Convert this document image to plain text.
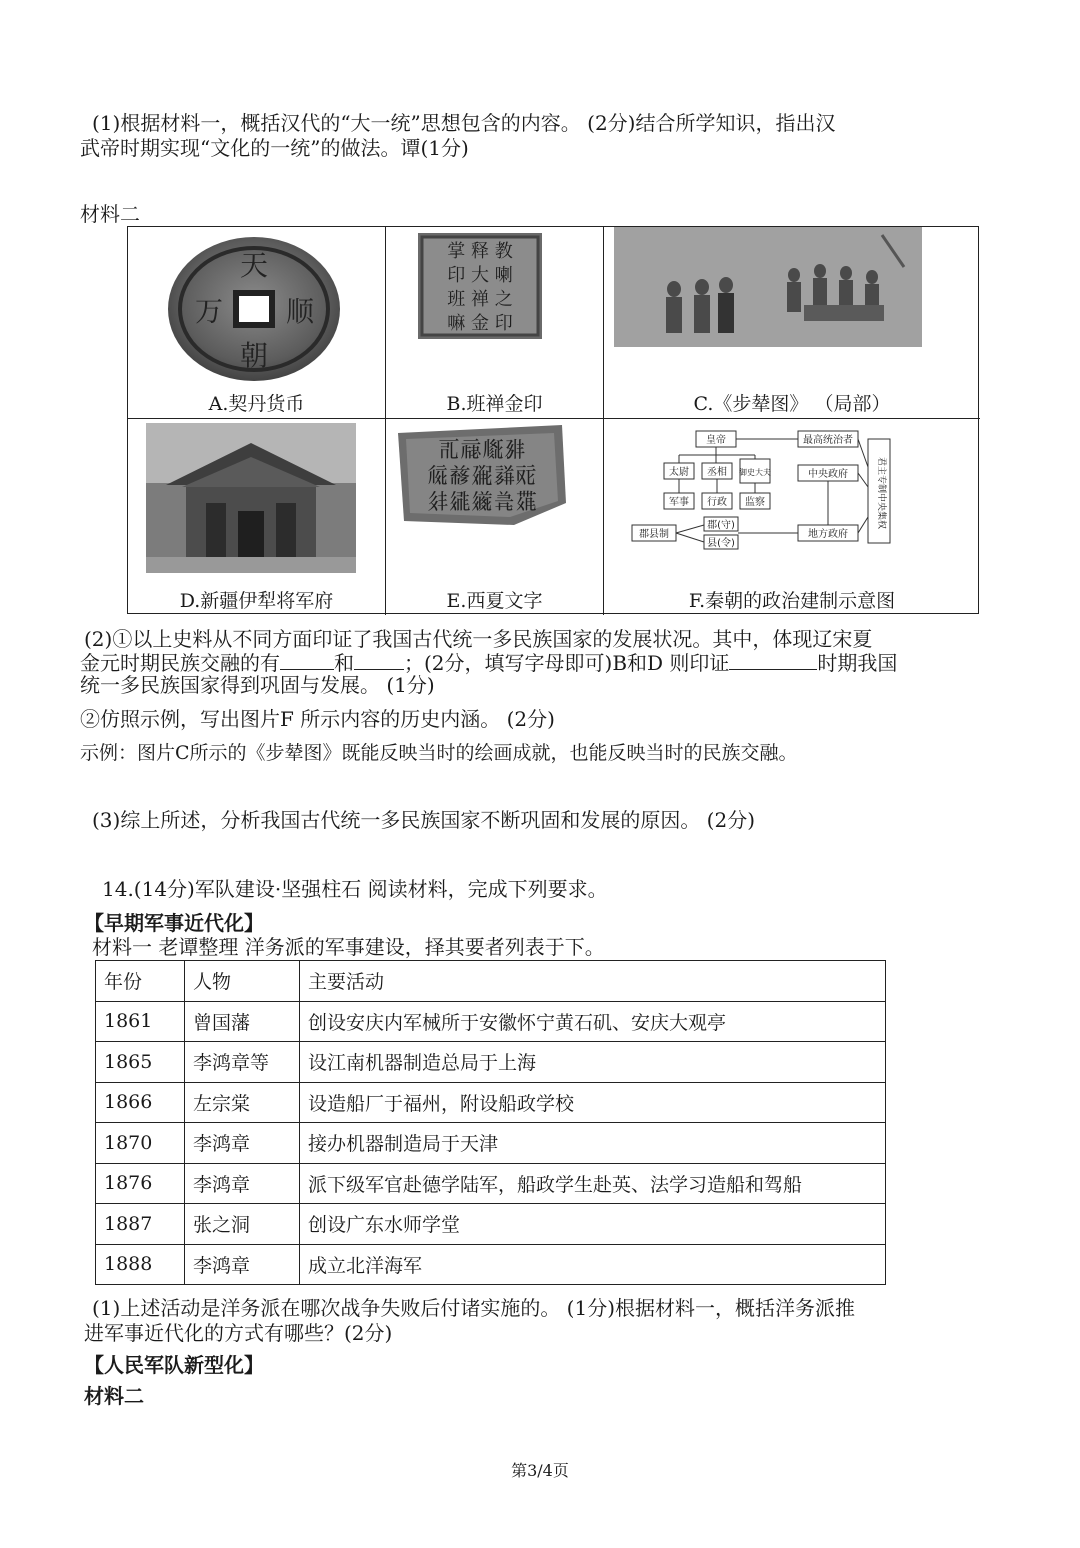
(1)根据材料一，概括汉代的“大一统”思想包含的内容。 (2分)结合所学知识，指出汉
武帝时期实现“文化的一统”的做法。谭(1分)
材料二
天
朝
万 顺
A.契丹货币
掌 释 教
印 大 喇
班 禅 之
嘛 金 印
B.班禅金印	C.《步辇图》 （局部）
D.新疆伊犁将军府
𗀀𗄊𗆟𗉐
𗏁𗒘𗘂𗙼𗠇
𗢳𗧓𗫂𗯦𗶷
E.西夏文字
皇帝	最高统治者
中央政府
太尉 丞相 御史大夫
军事 行政 监察
郡县制
郡(守)
县(令)
地方政府
君主专制中央集权
F.秦朝的政治建制示意图
(2)①以上史料从不同方面印证了我国古代统一多民族国家的发展状况。其中，体现辽宋夏
金元时期民族交融的有	和	；(2分，填写字母即可)B和D 则印证	时期我国
统一多民族国家得到巩固与发展。 (1分)
②仿照示例，写出图片F 所示内容的历史内涵。 (2分)
示例：图片C所示的《步辇图》既能反映当时的绘画成就，也能反映当时的民族交融。
(3)综上所述，分析我国古代统一多民族国家不断巩固和发展的原因。 (2分)
14.(14分)军队建设·坚强柱石 阅读材料，完成下列要求。
【早期军事近代化】
材料一 老谭整理 洋务派的军事建设，择其要者列表于下。
年份	人物	主要活动
1861	曾国藩	创设安庆内军械所于安徽怀宁黄石矶、安庆大观亭
1865	李鸿章等	设江南机器制造总局于上海
1866	左宗棠	设造船厂于福州，附设船政学校
1870	李鸿章	接办机器制造局于天津
1876	李鸿章	派下级军官赴德学陆军，船政学生赴英、法学习造船和驾船
1887	张之洞	创设广东水师学堂
1888	李鸿章	成立北洋海军
(1)上述活动是洋务派在哪次战争失败后付诸实施的。 (1分)根据材料一，概括洋务派推
进军事近代化的方式有哪些？(2分)
【人民军队新型化】
材料二
第3/4页
